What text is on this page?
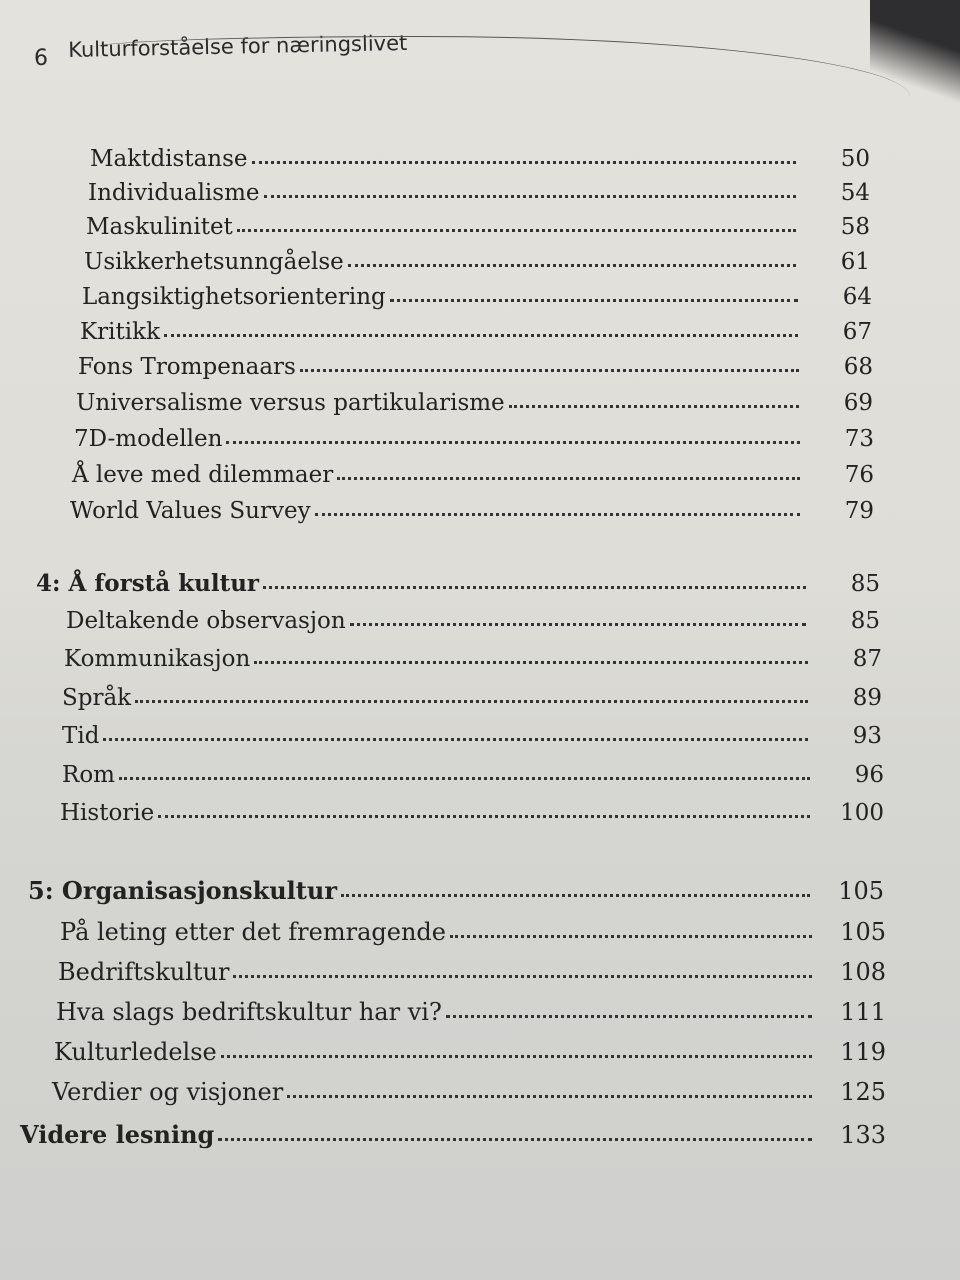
6 Kulturforståelse for næringslivet
Maktdistanse	50
Individualisme	54
Maskulinitet	58
Usikkerhetsunngåelse	61
Langsiktighetsorientering	64
Kritikk	67
Fons Trompenaars	68
Universalisme versus partikularisme	69
7D-modellen	73
Å leve med dilemmaer	76
World Values Survey	79
4: Å forstå kultur	85
Deltakende observasjon	85
Kommunikasjon	87
Språk	89
Tid	93
Rom	96
Historie	100
5: Organisasjonskultur	105
På leting etter det fremragende	105
Bedriftskultur	108
Hva slags bedriftskultur har vi?	111
Kulturledelse	119
Verdier og visjoner	125
Videre lesning	133
